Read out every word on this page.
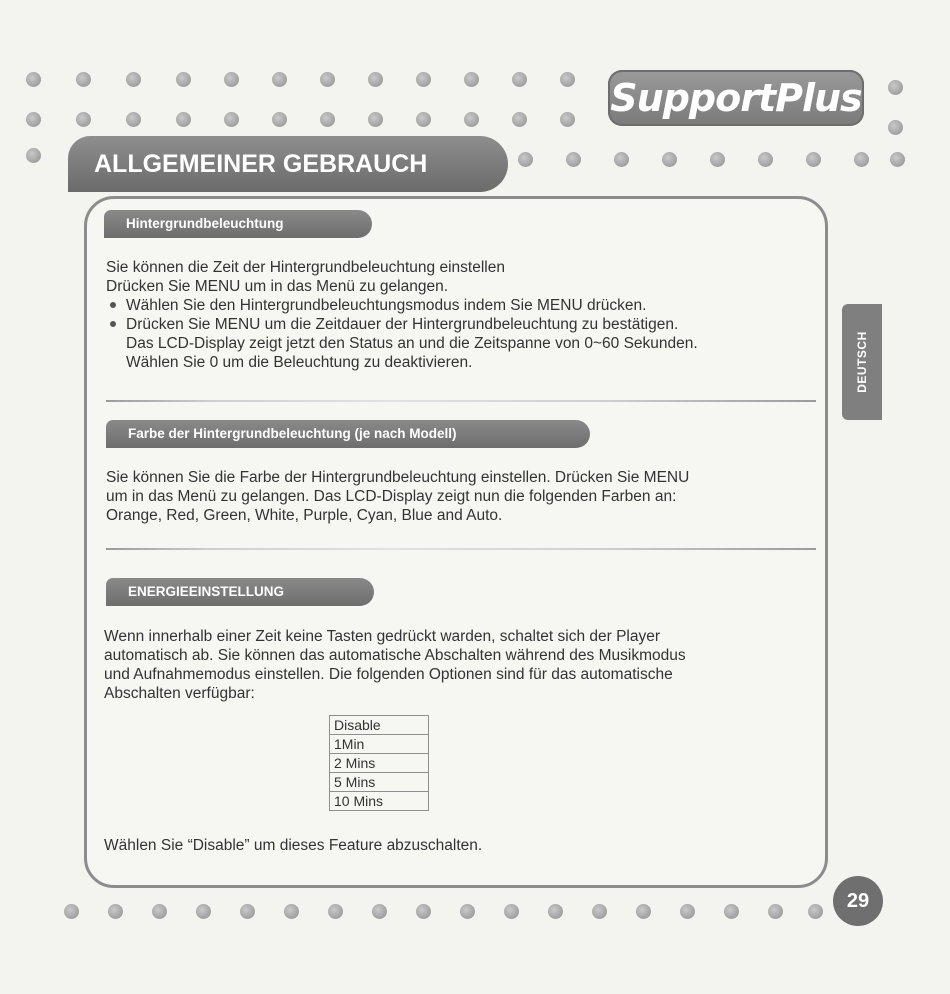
SupportPlus
ALLGEMEINER GEBRAUCH
DEUTSCH
Hintergrundbeleuchtung

Sie können die Zeit der Hintergrundbeleuchtung einstellen

Drücken Sie MENU um in das Menü zu gelangen.

Wählen Sie den Hintergrundbeleuchtungsmodus indem Sie MENU drücken.
Drücken Sie MENU um die Zeitdauer der Hintergrundbeleuchtung zu bestätigen.

Das LCD-Display zeigt jetzt den Status an und die Zeitspanne von 0~60 Sekunden.

Wählen Sie 0 um die Beleuchtung zu deaktivieren.

Farbe der Hintergrundbeleuchtung (je nach Modell)

Sie können Sie die Farbe der Hintergrundbeleuchtung einstellen. Drücken Sie MENU

um in das Menü zu gelangen. Das LCD-Display zeigt nun die folgenden Farben an:

Orange, Red, Green, White, Purple, Cyan, Blue and Auto.

ENERGIEEINSTELLUNG

Wenn innerhalb einer Zeit keine Tasten gedrückt warden, schaltet sich der Player

automatisch ab. Sie können das automatische Abschalten während des Musikmodus

und Aufnahmemodus einstellen. Die folgenden Optionen sind für das automatische

Abschalten verfügbar:

Disable
1Min
2 Mins
5 Mins
10 Mins
Wählen Sie “Disable” um dieses Feature abzuschalten.
29
